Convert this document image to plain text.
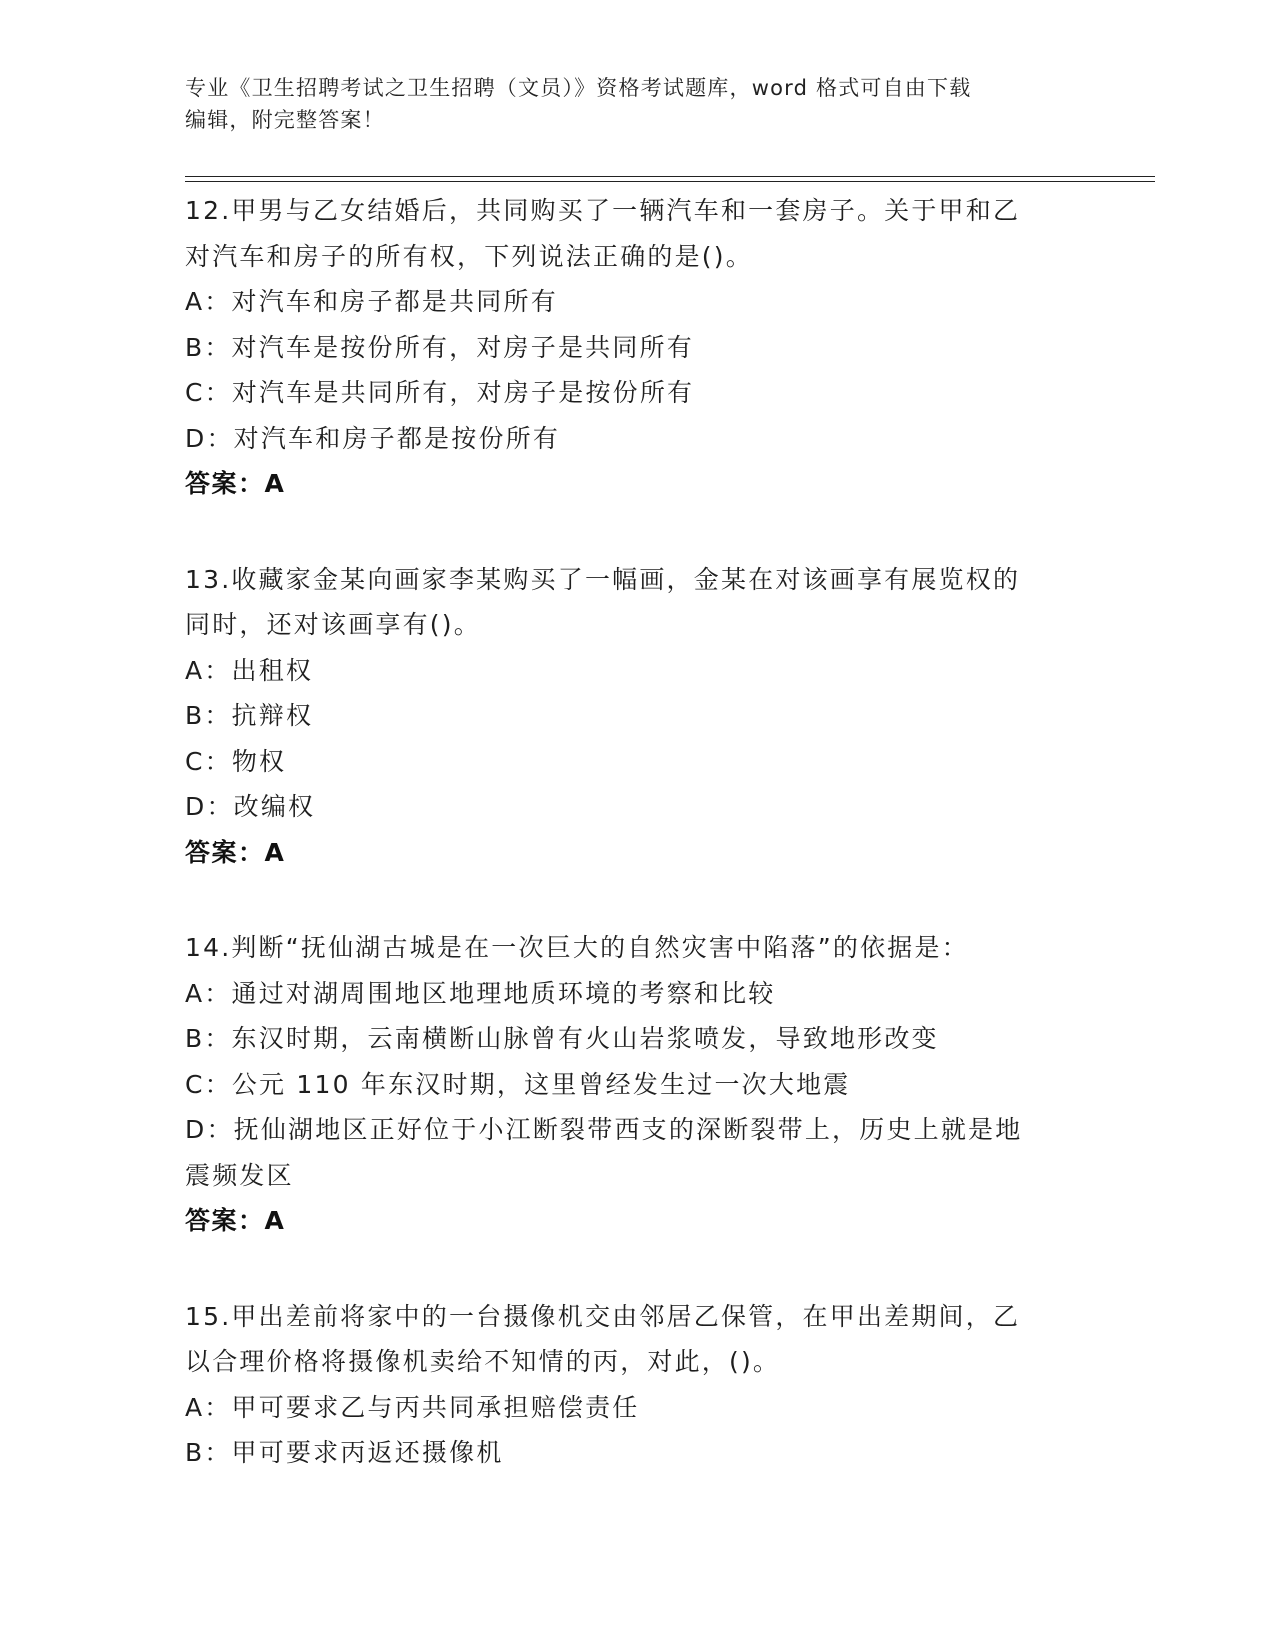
专业《卫生招聘考试之卫生招聘（文员）》资格考试题库，word 格式可自由下载
编辑，附完整答案！
12.甲男与乙女结婚后，共同购买了一辆汽车和一套房子。关于甲和乙
对汽车和房子的所有权，下列说法正确的是()。
A：对汽车和房子都是共同所有
B：对汽车是按份所有，对房子是共同所有
C：对汽车是共同所有，对房子是按份所有
D：对汽车和房子都是按份所有
答案：A
13.收藏家金某向画家李某购买了一幅画，金某在对该画享有展览权的
同时，还对该画享有()。
A：出租权
B：抗辩权
C：物权
D：改编权
答案：A
14.判断“抚仙湖古城是在一次巨大的自然灾害中陷落”的依据是：
A：通过对湖周围地区地理地质环境的考察和比较
B：东汉时期，云南横断山脉曾有火山岩浆喷发，导致地形改变
C：公元 110 年东汉时期，这里曾经发生过一次大地震
D：抚仙湖地区正好位于小江断裂带西支的深断裂带上，历史上就是地
震频发区
答案：A
15.甲出差前将家中的一台摄像机交由邻居乙保管，在甲出差期间，乙
以合理价格将摄像机卖给不知情的丙，对此，()。
A：甲可要求乙与丙共同承担赔偿责任
B：甲可要求丙返还摄像机
